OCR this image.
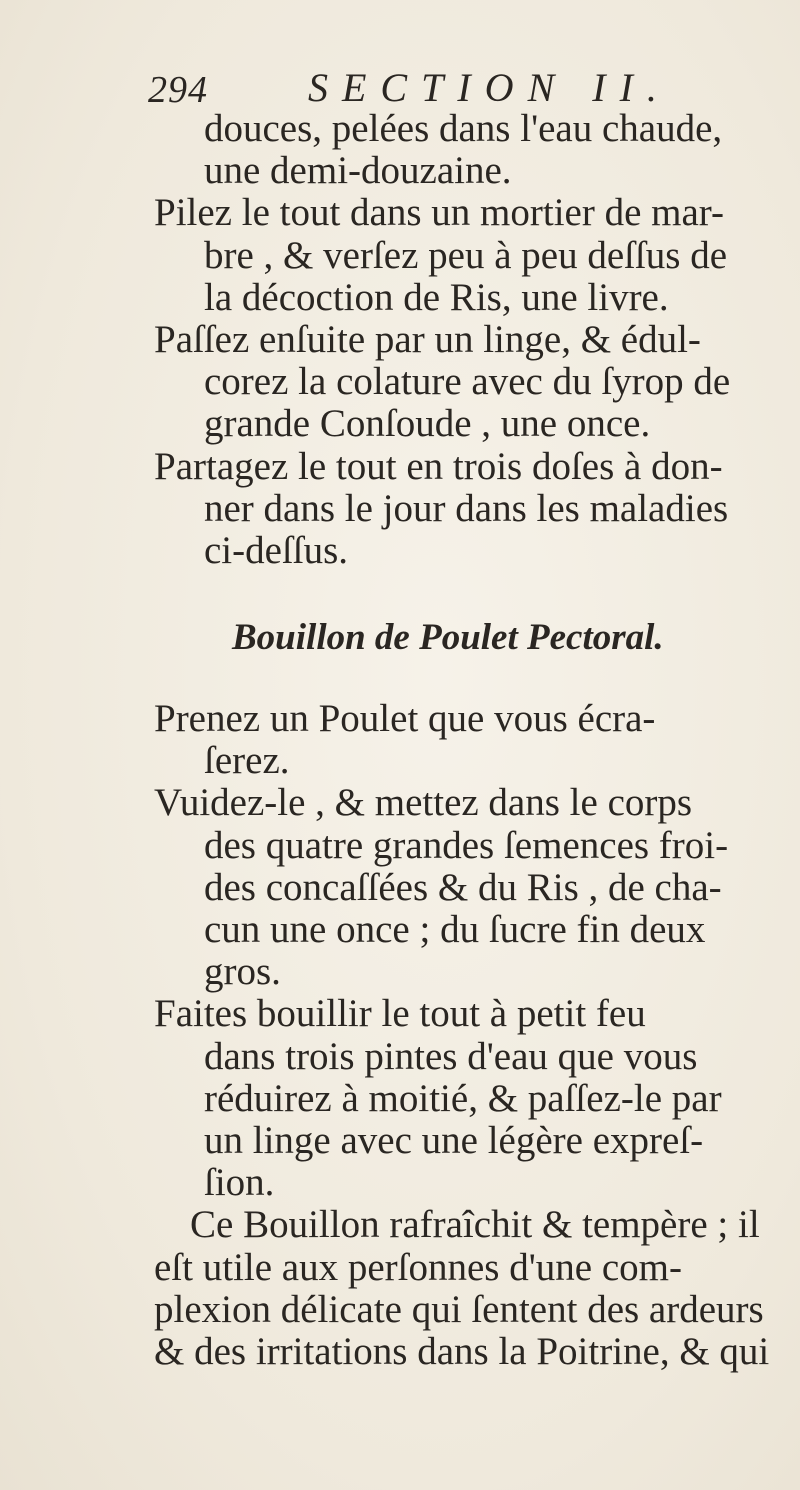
294	SECTION II.
douces, pelées dans l'eau chaude,
une demi-douzaine.
Pilez le tout dans un mortier de mar-
bre , & verſez peu à peu deſſus de
la décoction de Ris, une livre.
Paſſez enſuite par un linge, & édul-
corez la colature avec du ſyrop de
grande Conſoude , une once.
Partagez le tout en trois doſes à don-
ner dans le jour dans les maladies
ci-deſſus.
Bouillon de Poulet Pectoral.
Prenez un Poulet que vous écra-
ſerez.
Vuidez-le , & mettez dans le corps
des quatre grandes ſemences froi-
des concaſſées & du Ris , de cha-
cun une once ; du ſucre fin deux
gros.
Faites bouillir le tout à petit feu
dans trois pintes d'eau que vous
réduirez à moitié, & paſſez-le par
un linge avec une légère expreſ-
ſion.
Ce Bouillon rafraîchit & tempère ; il
eſt utile aux perſonnes d'une com-
plexion délicate qui ſentent des ardeurs
& des irritations dans la Poitrine, & qui
